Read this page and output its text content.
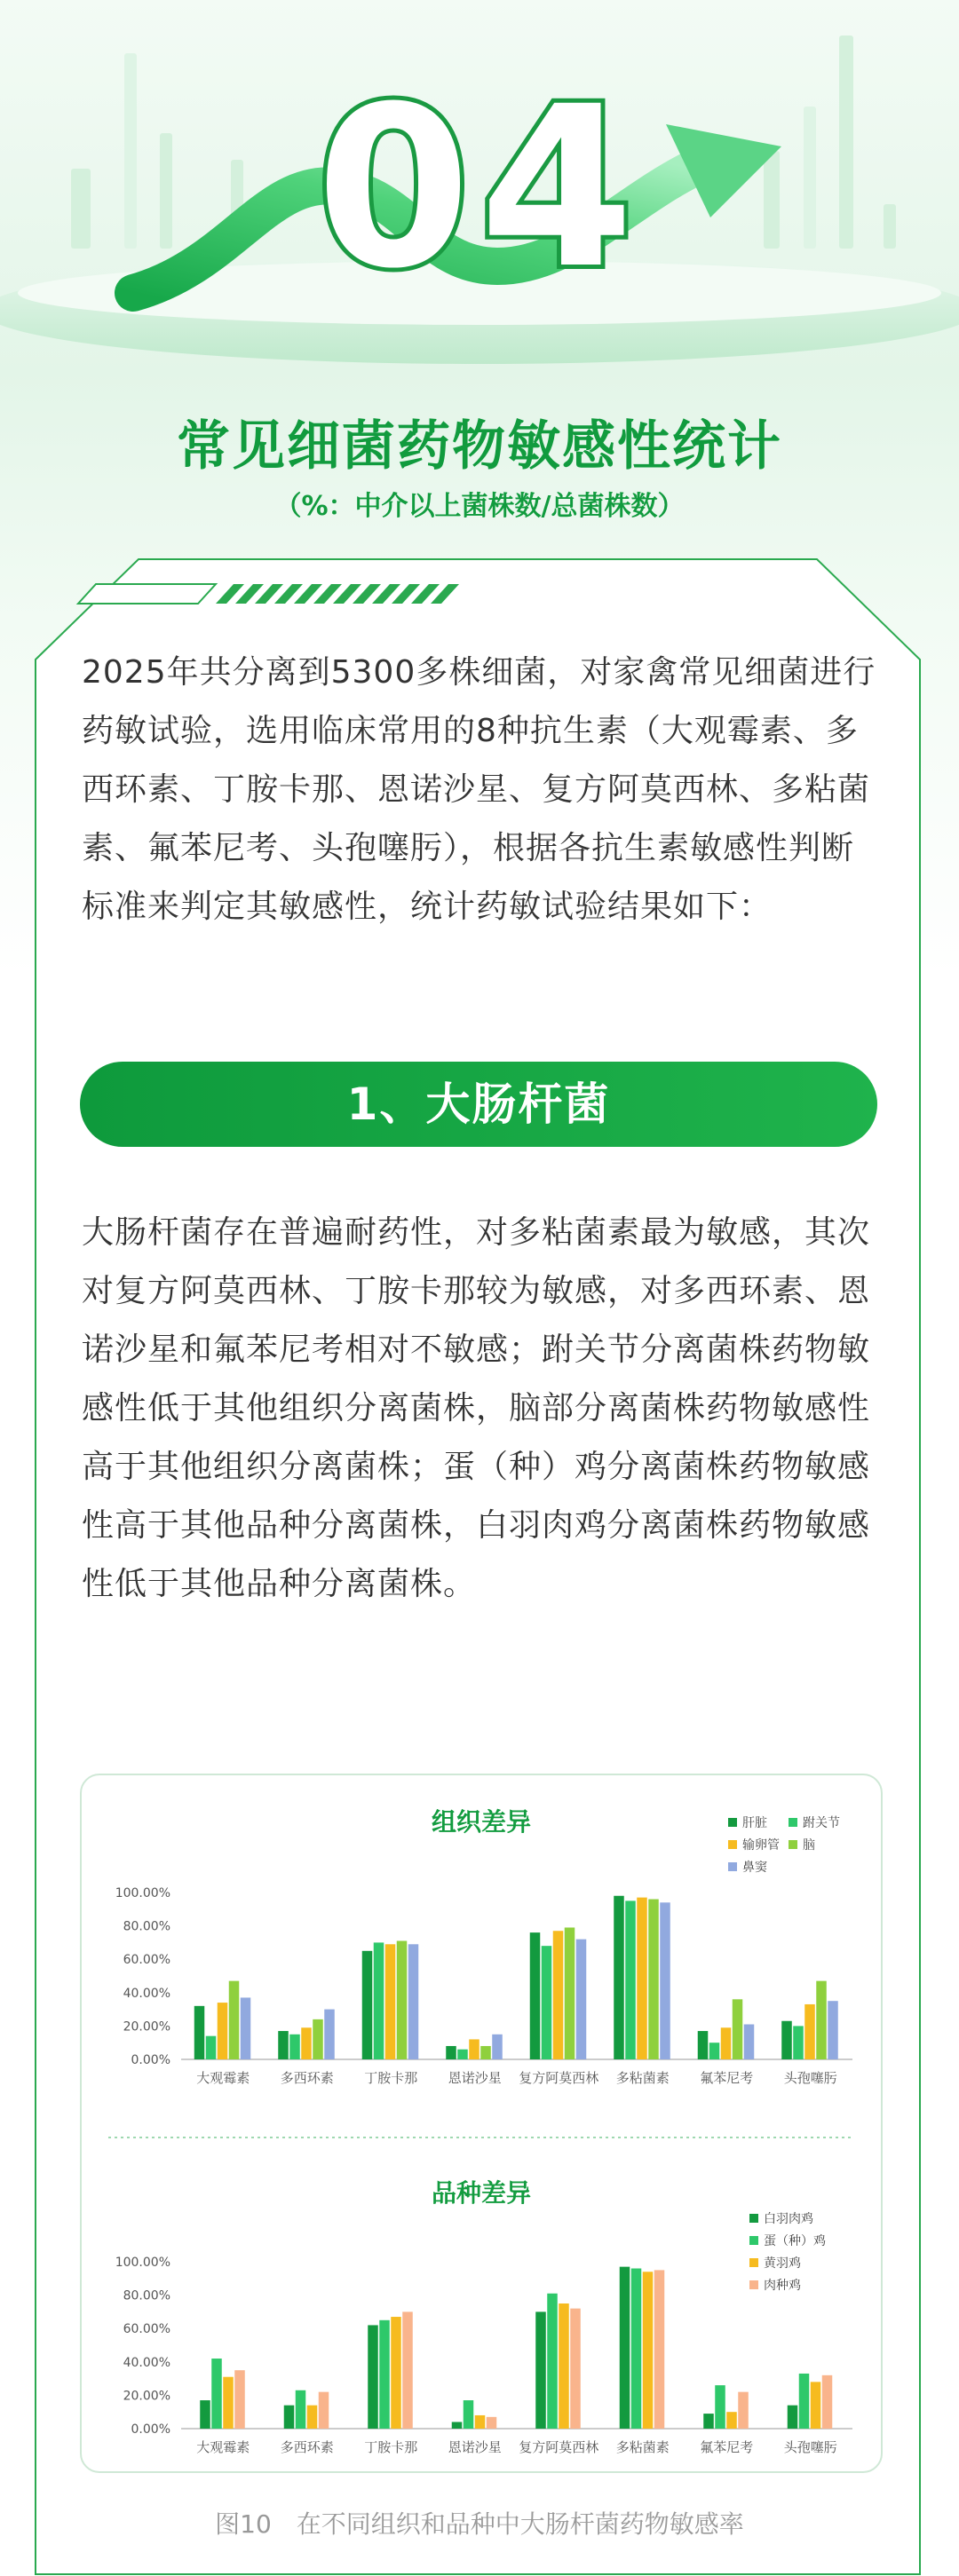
04
常见细菌药物敏感性统计
（%：中介以上菌株数/总菌株数）
2025年共分离到5300多株细菌，对家禽常见细菌进行药敏试验，选用临床常用的8种抗生素（大观霉素、多西环素、丁胺卡那、恩诺沙星、复方阿莫西林、多粘菌素、氟苯尼考、头孢噻肟），根据各抗生素敏感性判断标准来判定其敏感性，统计药敏试验结果如下：
1、大肠杆菌
大肠杆菌存在普遍耐药性，对多粘菌素最为敏感，其次对复方阿莫西林、丁胺卡那较为敏感，对多西环素、恩诺沙星和氟苯尼考相对不敏感；跗关节分离菌株药物敏感性低于其他组织分离菌株，脑部分离菌株药物敏感性高于其他组织分离菌株；蛋（种）鸡分离菌株药物敏感性高于其他品种分离菌株，白羽肉鸡分离菌株药物敏感性低于其他品种分离菌株。
组织差异
100.00%
80.00%
60.00%
40.00%
20.00%
0.00%
大观霉素 多西环素 丁胺卡那 恩诺沙星 复方阿莫西林 多粘菌素 氟苯尼考 头孢噻肟
肝脏	跗关节
输卵管 脑
鼻窦
品种差异
100.00%
80.00%
60.00%
40.00%
20.00%
0.00%
大观霉素 多西环素 丁胺卡那 恩诺沙星 复方阿莫西林 多粘菌素 氟苯尼考 头孢噻肟
白羽肉鸡
蛋（种）鸡
黄羽鸡
肉种鸡
图10　在不同组织和品种中大肠杆菌药物敏感率
